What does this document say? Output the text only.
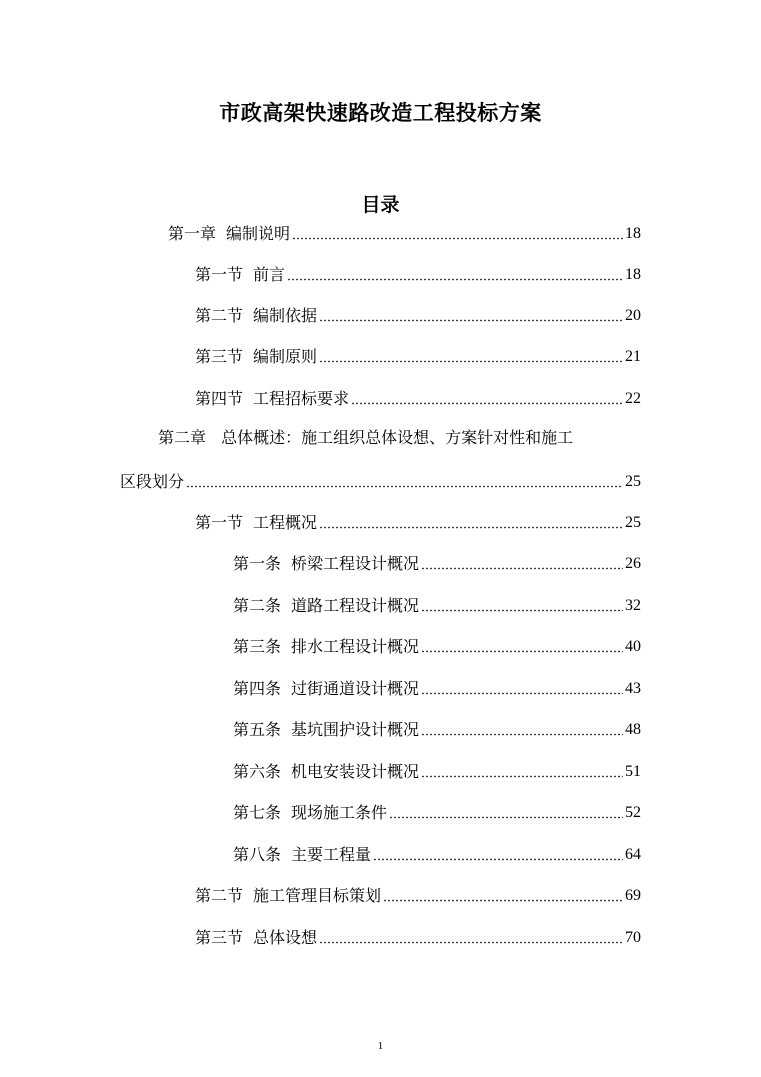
市政高架快速路改造工程投标方案
目录
第一章 编制说明	18
第一节 前言	18
第二节 编制依据	20
第三节 编制原则	21
第四节 工程招标要求	22
第二章 总体概述：施工组织总体设想、方案针对性和施工
区段划分	25
第一节 工程概况	25
第一条 桥梁工程设计概况	26
第二条 道路工程设计概况	32
第三条 排水工程设计概况	40
第四条 过街通道设计概况	43
第五条 基坑围护设计概况	48
第六条 机电安装设计概况	51
第七条 现场施工条件	52
第八条 主要工程量	64
第二节 施工管理目标策划	69
第三节 总体设想	70
1
